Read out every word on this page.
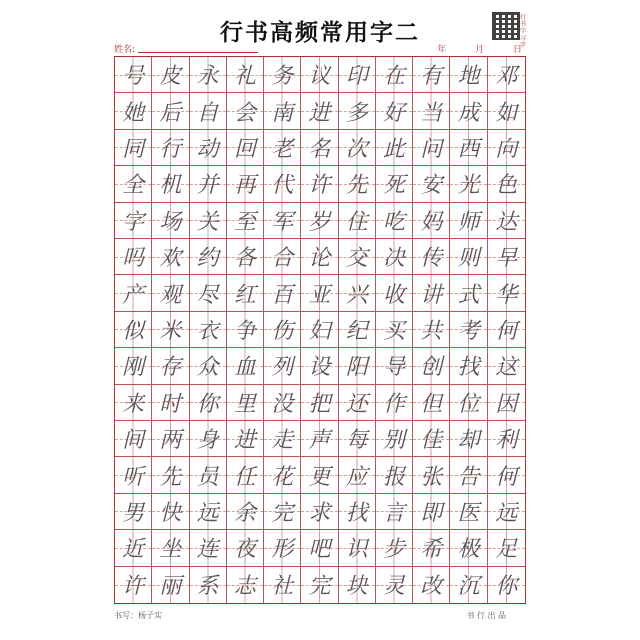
行书高频常用字二
行书学习字
姓名:	年	月	日
号 皮 永 礼 务 议 印 在 有 地 邓
她 后 自 会 南 进 多 好 当 成 如
同 行 动 回 老 名 次 此 问 西 向
全 机 并 再 代 许 先 死 安 光 色
字 场 关 至 军 岁 住 吃 妈 师 达
吗 欢 约 各 合 论 交 决 传 则 早
产 观 尽 红 百 亚 兴 收 讲 式 华
似 米 衣 争 伤 妇 纪 买 共 考 何
刚 存 众 血 列 设 阳 导 创 找 这
来 时 你 里 没 把 还 作 但 位 因
间 两 身 进 走 声 每 别 佳 却 利
听 先 员 任 花 更 应 报 张 告 何
男 快 远 余 完 求 找 言 即 医 远
近 坐 连 夜 形 吧 识 步 希 极 足
许 丽 系 志 社 完 块 灵 改 沉 你
书写：杨子实	书 行 出 品
